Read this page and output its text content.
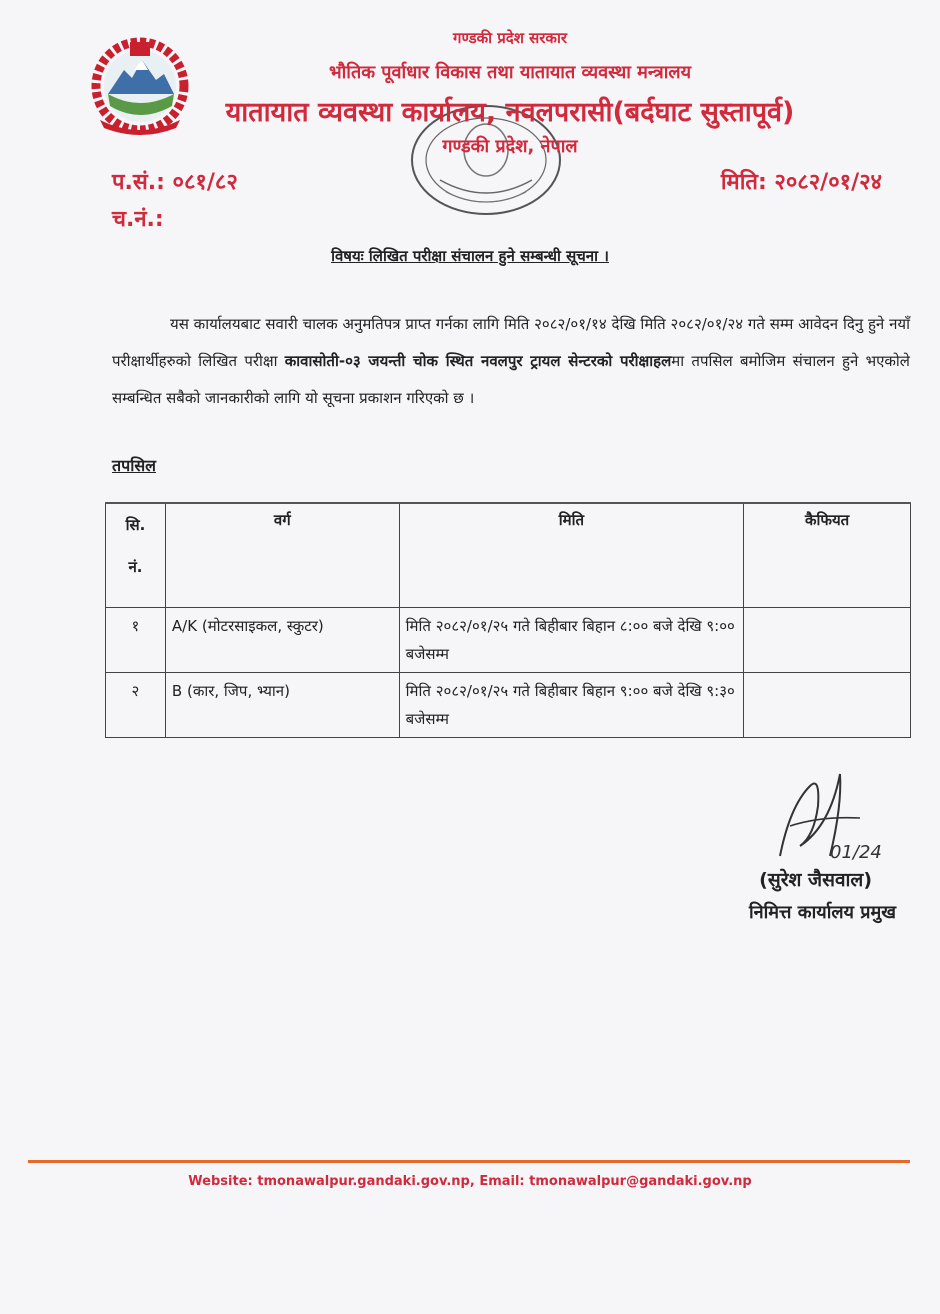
गण्डकी प्रदेश सरकार
भौतिक पूर्वाधार विकास तथा यातायात व्यवस्था मन्त्रालय
यातायात व्यवस्था कार्यालय, नवलपरासी(बर्दघाट सुस्तापूर्व)
गण्डकी प्रदेश, नेपाल
प.सं.: ०८१/८२
च.नं.:
मिति: २०८२/०१/२४
विषयः लिखित परीक्षा संचालन हुने सम्बन्धी सूचना ।
यस कार्यालयबाट सवारी चालक अनुमतिपत्र प्राप्त गर्नका लागि मिति २०८२/०१/१४ देखि मिति २०८२/०१/२४ गते सम्म आवेदन दिनु हुने नयाँ परीक्षार्थीहरुको लिखित परीक्षा कावासोती-०३ जयन्ती चोक स्थित नवलपुर ट्रायल सेन्टरको परीक्षाहलमा तपसिल बमोजिम संचालन हुने भएकोले सम्बन्धित सबैको जानकारीको लागि यो सूचना प्रकाशन गरिएको छ ।
तपसिल
सि.
नं.	वर्ग	मिति	कैफियत
१	A/K (मोटरसाइकल, स्कुटर)	मिति २०८२/०१/२५ गते बिहीबार बिहान ८:०० बजे देखि ९:०० बजेसम्म	
२	B (कार, जिप, भ्यान)	मिति २०८२/०१/२५ गते बिहीबार बिहान ९:०० बजे देखि ९:३० बजेसम्म	
01/24
(सुरेश जैसवाल)
निमित्त कार्यालय प्रमुख
Website: tmonawalpur.gandaki.gov.np, Email: tmonawalpur@gandaki.gov.np
